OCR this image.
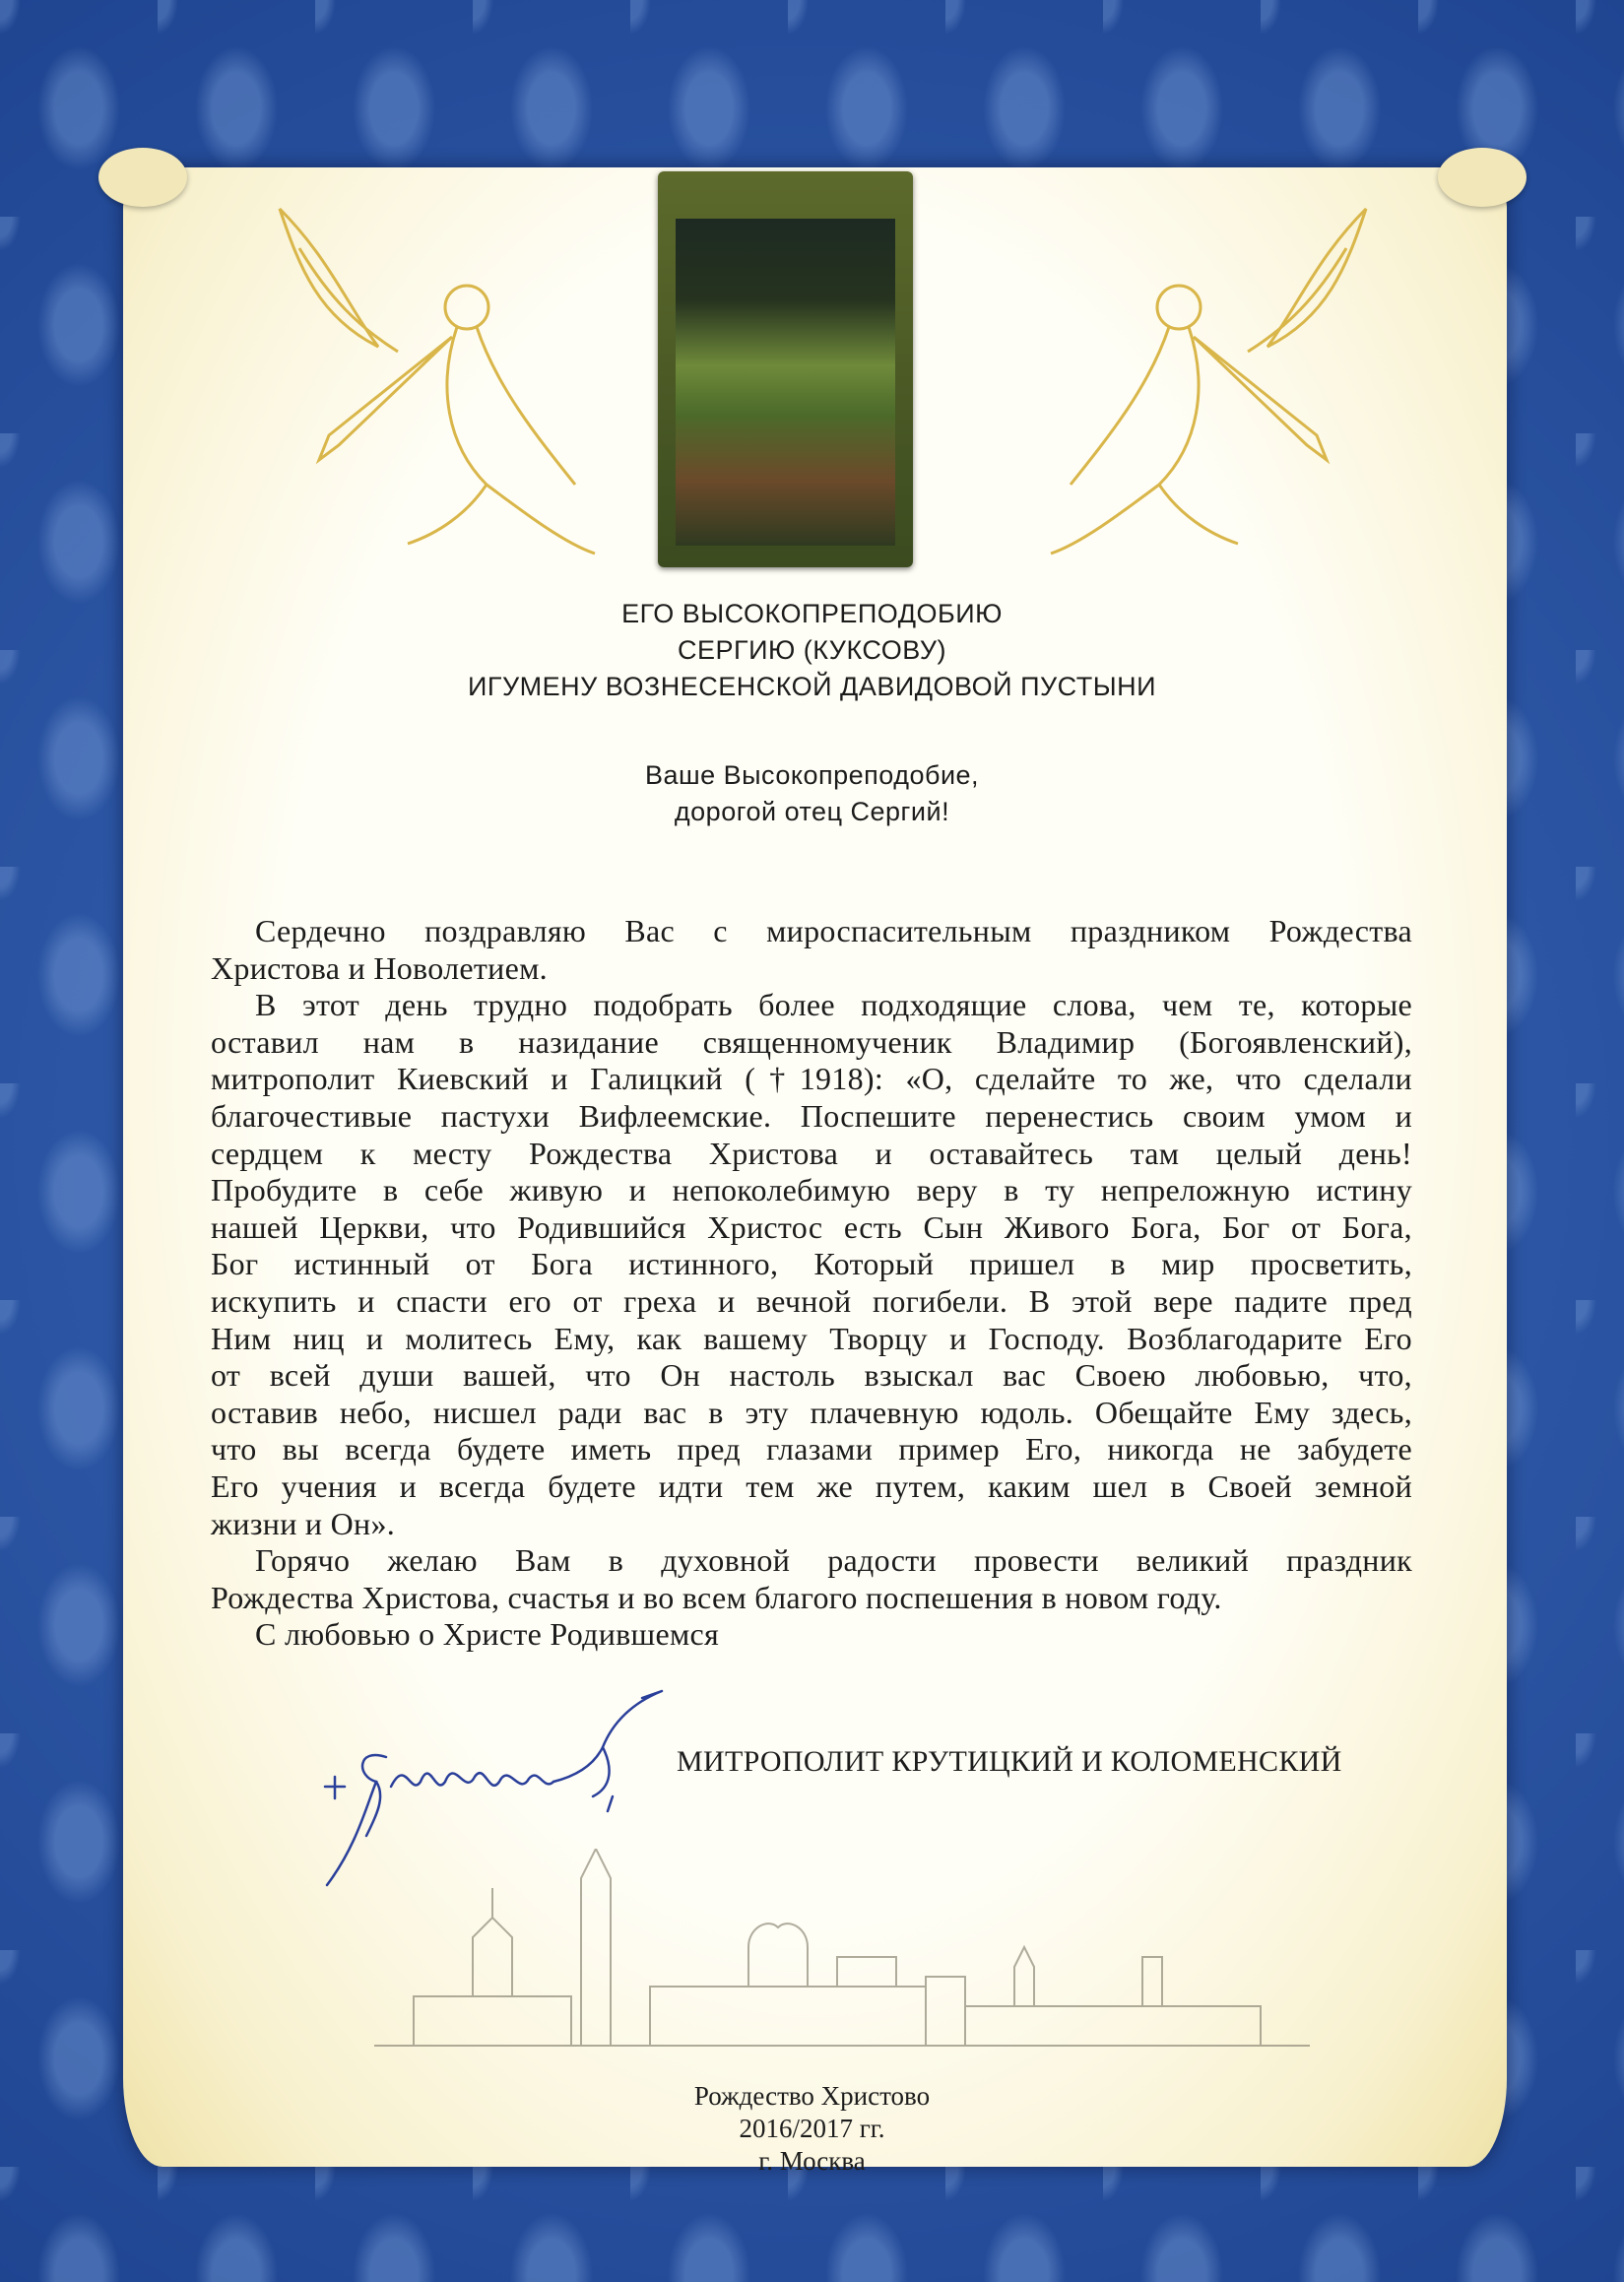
ЕГО ВЫСОКОПРЕПОДОБИЮ
СЕРГИЮ (КУКСОВУ)
ИГУМЕНУ ВОЗНЕСЕНСКОЙ ДАВИДОВОЙ ПУСТЫНИ
Ваше Высокопреподобие,
дорогой отец Сергий!
Сердечно поздравляю Вас с мироспасительным праздником Рождества
Христова и Новолетием.
В этот день трудно подобрать более подходящие слова, чем те, которые
оставил нам в назидание священномученик Владимир (Богоявленский),
митрополит Киевский и Галицкий (†1918): «О, сделайте то же, что сделали
благочестивые пастухи Вифлеемские. Поспешите перенестись своим умом и
сердцем к месту Рождества Христова и оставайтесь там целый день!
Пробудите в себе живую и непоколебимую веру в ту непреложную истину
нашей Церкви, что Родившийся Христос есть Сын Живого Бога, Бог от Бога,
Бог истинный от Бога истинного, Который пришел в мир просветить,
искупить и спасти его от греха и вечной погибели. В этой вере падите пред
Ним ниц и молитесь Ему, как вашему Творцу и Господу. Возблагодарите Его
от всей души вашей, что Он настоль взыскал вас Своею любовью, что,
оставив небо, нисшел ради вас в эту плачевную юдоль. Обещайте Ему здесь,
что вы всегда будете иметь пред глазами пример Его, никогда не забудете
Его учения и всегда будете идти тем же путем, каким шел в Своей земной
жизни и Он».
Горячо желаю Вам в духовной радости провести великий праздник
Рождества Христова, счастья и во всем благого поспешения в новом году.
С любовью о Христе Родившемся
МИТРОПОЛИТ КРУТИЦКИЙ И КОЛОМЕНСКИЙ
Рождество Христово
2016/2017 гг.
г. Москва
